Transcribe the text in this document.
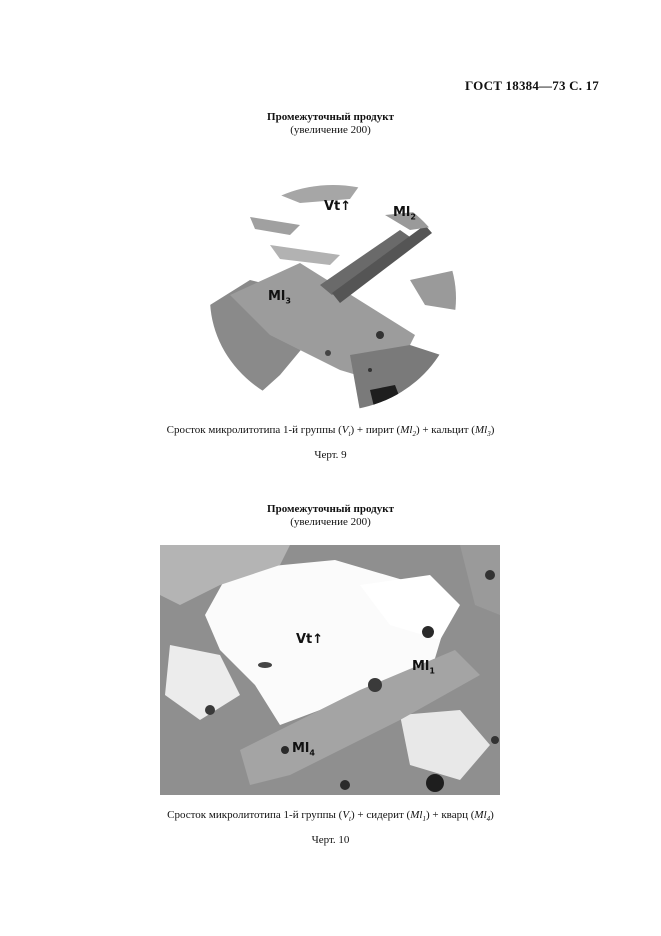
ГОСТ 18384—73 С. 17
Промежуточный продукт
(увеличение 200)
Vt↑	$Ml_2$
$Ml_3$
Сросток микролитотипа 1-й группы $(V_t)$ + пирит $(Ml_2)$ + кальцит $(Ml_3)$
Черт. 9
Промежуточный продукт
(увеличение 200)
Vt↑
$Ml_1$
$Ml_4$
Сросток микролитотипа 1-й группы $(V_t)$ + сидерит $(Ml_1)$ + кварц $(Ml_4)$
Черт. 10
